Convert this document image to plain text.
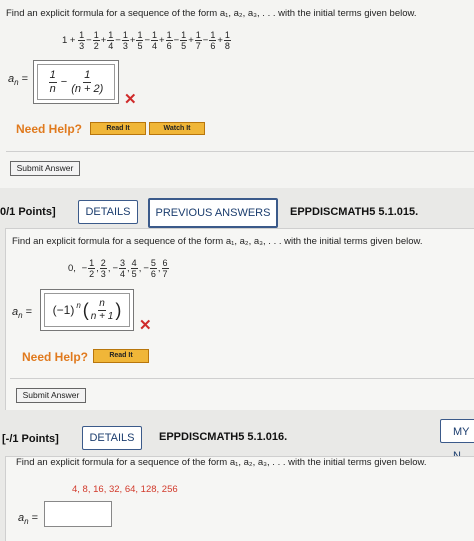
Find an explicit formula for a sequence of the form a₁, a₂, a₃, . . . with the initial terms given below.
$1 + \frac{1}{3} - \frac{1}{2} + \frac{1}{4} - \frac{1}{3} + \frac{1}{5} - \frac{1}{4} + \frac{1}{6} - \frac{1}{5} + \frac{1}{7} - \frac{1}{6} + \frac{1}{8}$
$a_n = \frac{1}{n} - \frac{1}{(n + 2)}$
✕
Need Help?	Read It	Watch It
Submit Answer
0/1 Points]	DETAILS	PREVIOUS ANSWERS	EPPDISCMATH5 5.1.015.
Find an explicit formula for a sequence of the form a₁, a₂, a₃, . . . with the initial terms given below.
0, − $\frac{1}{2}$ , $\frac{2}{3}$ , − $\frac{3}{4}$ , $\frac{4}{5}$ , − $\frac{5}{6}$ , $\frac{6}{7}$
$a_n = (-1)$ $^n$ ( $\frac{n}{n + 1}$ )
✕
Need Help?	Read It
Submit Answer
[-/1 Points]	DETAILS	EPPDISCMATH5 5.1.016.	MY
Find an explicit formula for a sequence of the form a₁, a₂, a₃, . . . with the initial terms given below.
4, 8, 16, 32, 64, 128, 256
$a_n$ =
